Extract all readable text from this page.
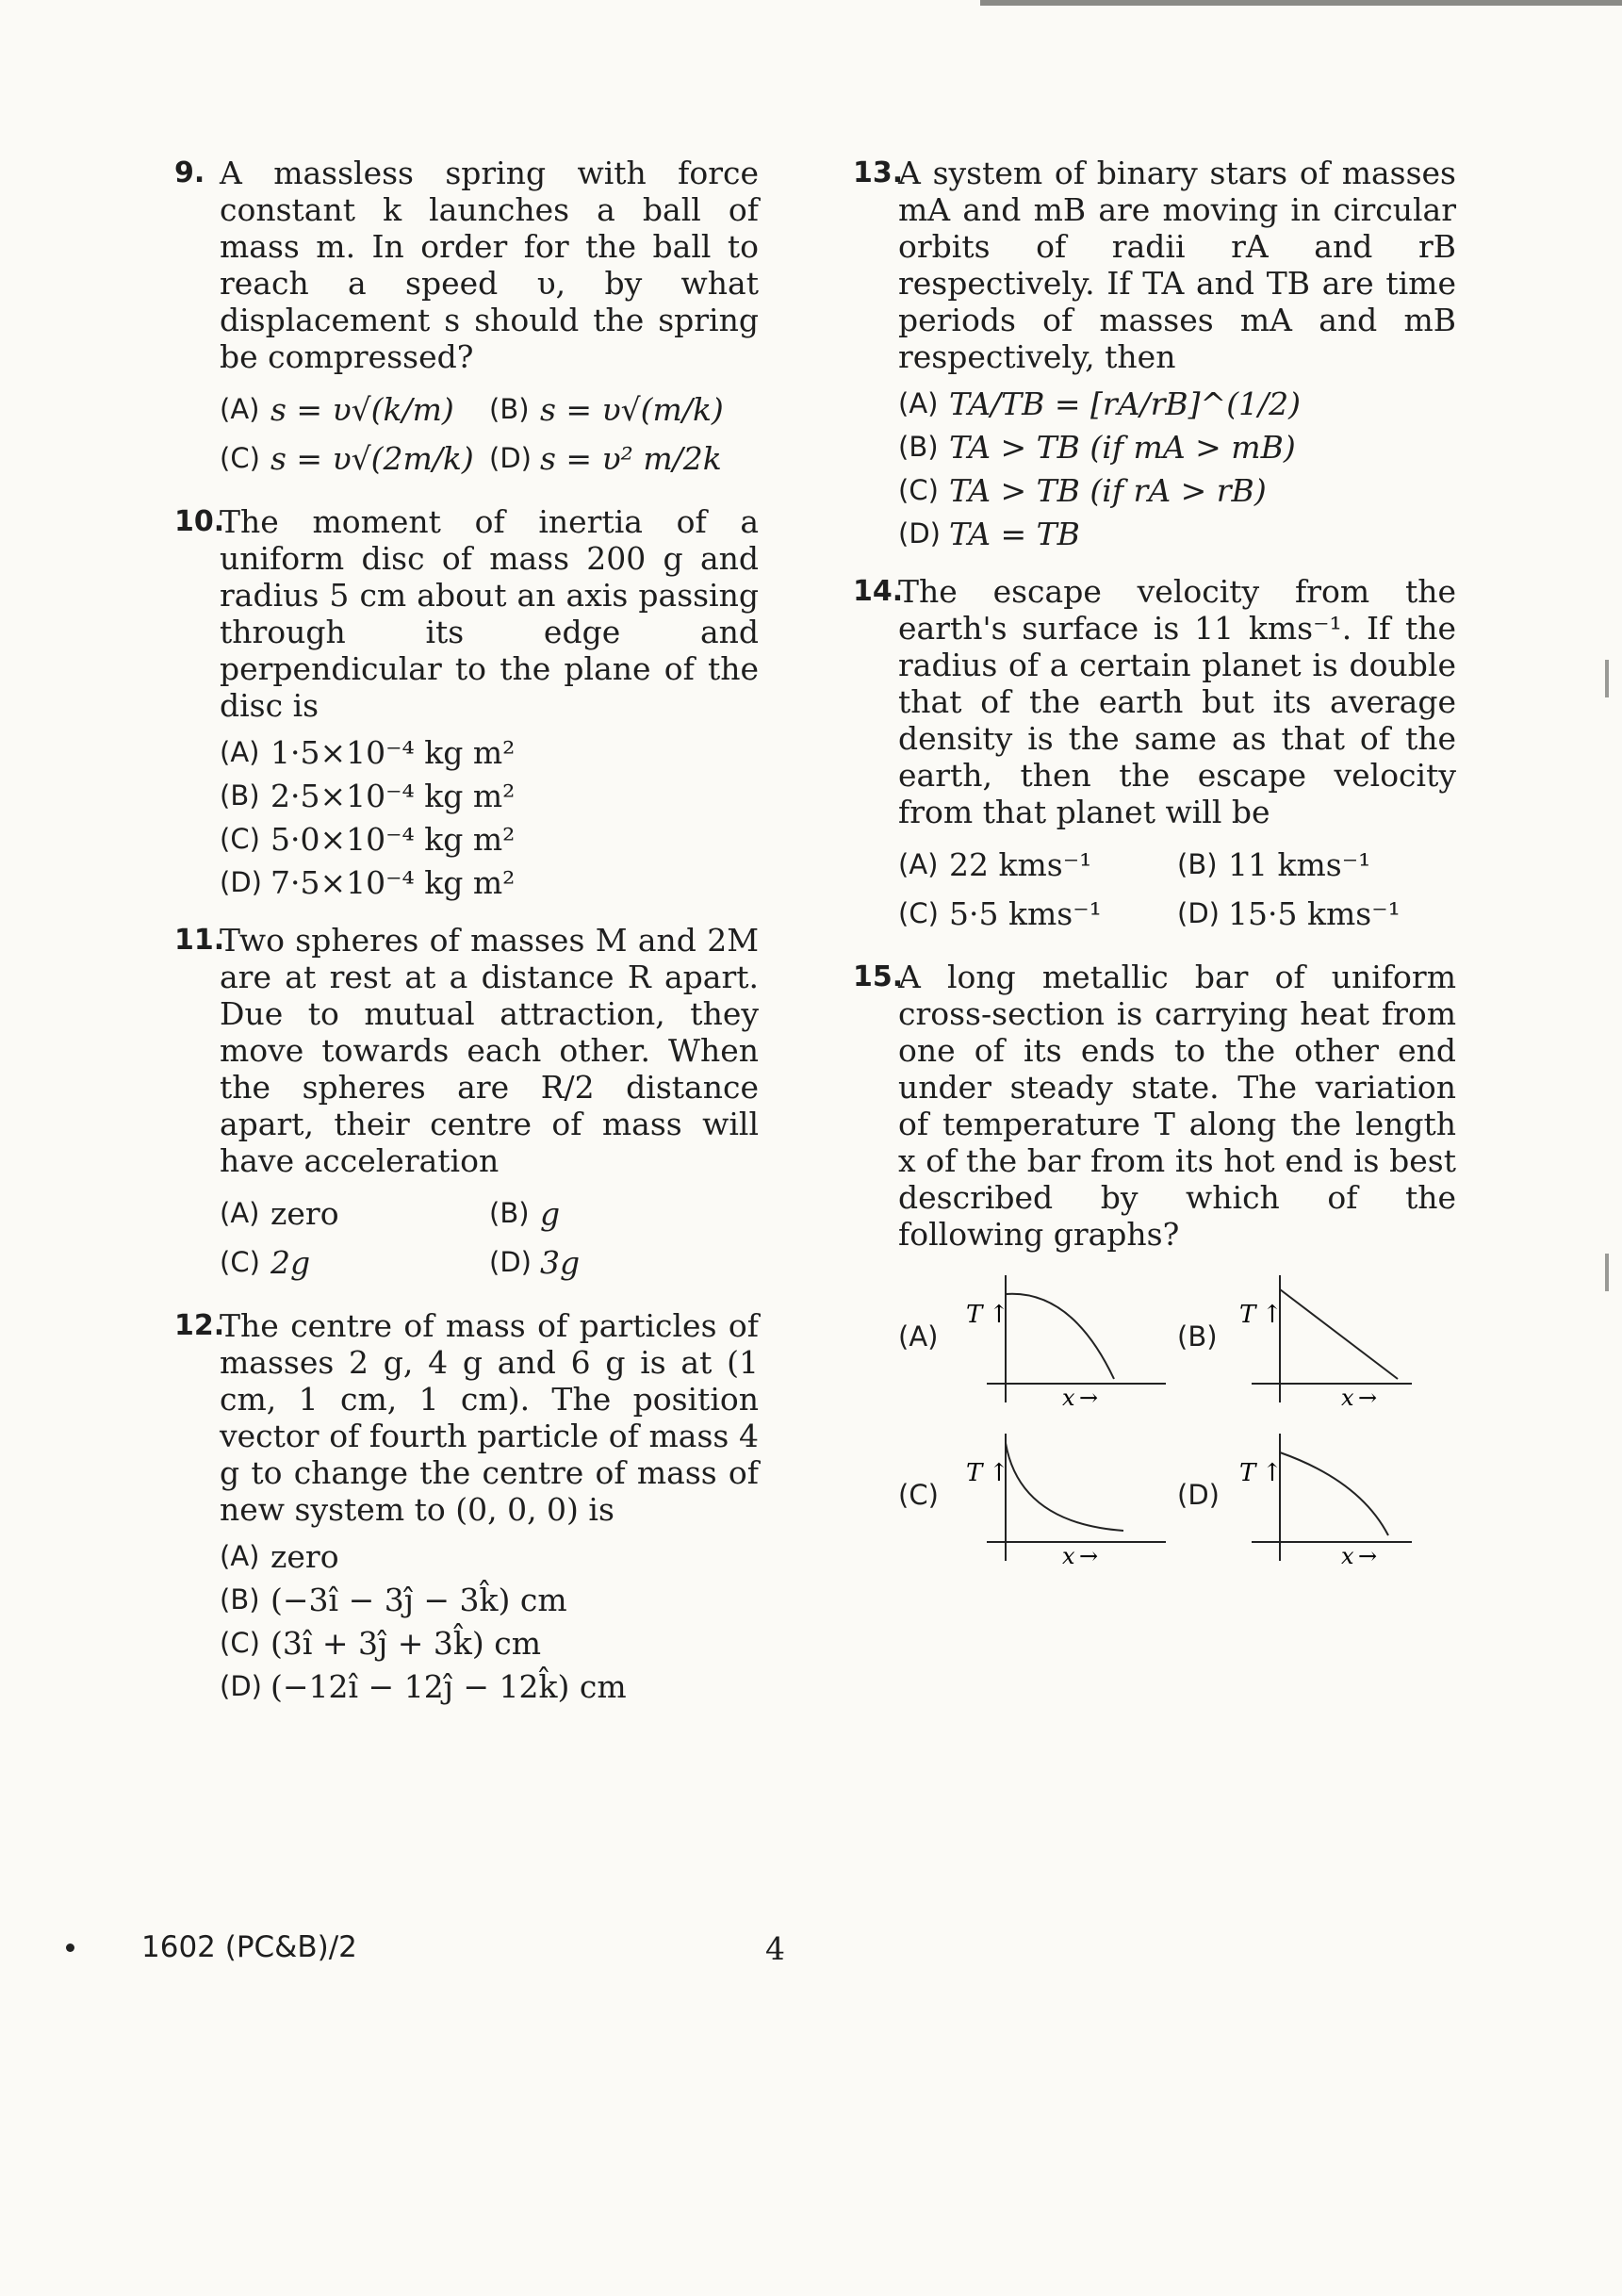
9. A massless spring with force constant k launches a ball of mass m. In order for the ball to reach a speed υ, by what displacement s should the spring be compressed?
(A) s = υ√(k/m) (B) s = υ√(m/k)
(C) s = υ√(2m/k) (D) s = υ² m/2k
10.
The moment of inertia of a uniform disc of mass 200 g and radius 5 cm about an axis passing through its edge and perpendicular to the plane of the disc is
(A) 1·5×10⁻⁴ kg m²
(B) 2·5×10⁻⁴ kg m²
(C) 5·0×10⁻⁴ kg m²
(D) 7·5×10⁻⁴ kg m²
11.
Two spheres of masses M and 2M are at rest at a distance R apart. Due to mutual attraction, they move towards each other. When the spheres are R/2 distance apart, their centre of mass will have acceleration
(A) zero	(B) g
(C) 2g	(D) 3g
12.
The centre of mass of particles of masses 2 g, 4 g and 6 g is at (1 cm, 1 cm, 1 cm). The position vector of fourth particle of mass 4 g to change the centre of mass of new system to (0, 0, 0) is
(A) zero
(B) (−3î − 3ĵ − 3k̂) cm
(C) (3î + 3ĵ + 3k̂) cm
(D) (−12î − 12ĵ − 12k̂) cm
13.
A system of binary stars of masses mA and mB are moving in circular orbits of radii rA and rB respectively. If TA and TB are time periods of masses mA and mB respectively, then
(A) TA/TB = [rA/rB]^(1/2)
(B) TA > TB (if mA > mB)
(C) TA > TB (if rA > rB)
(D) TA = TB
14.
The escape velocity from the earth's surface is 11 kms⁻¹. If the radius of a certain planet is double that of the earth but its average density is the same as that of the earth, then the escape velocity from that planet will be
(A) 22 kms⁻¹	(B) 11 kms⁻¹
(C) 5·5 kms⁻¹	(D) 15·5 kms⁻¹
15.
A long metallic bar of uniform cross-section is carrying heat from one of its ends to the other end under steady state. The variation of temperature T along the length x of the bar from its hot end is best described by which of the following graphs?
(A)
T ↑
x →
(B)
T ↑
x →
(C)
T ↑
x →
(D)
T ↑
x →
1602 (PC&B)/2	4
